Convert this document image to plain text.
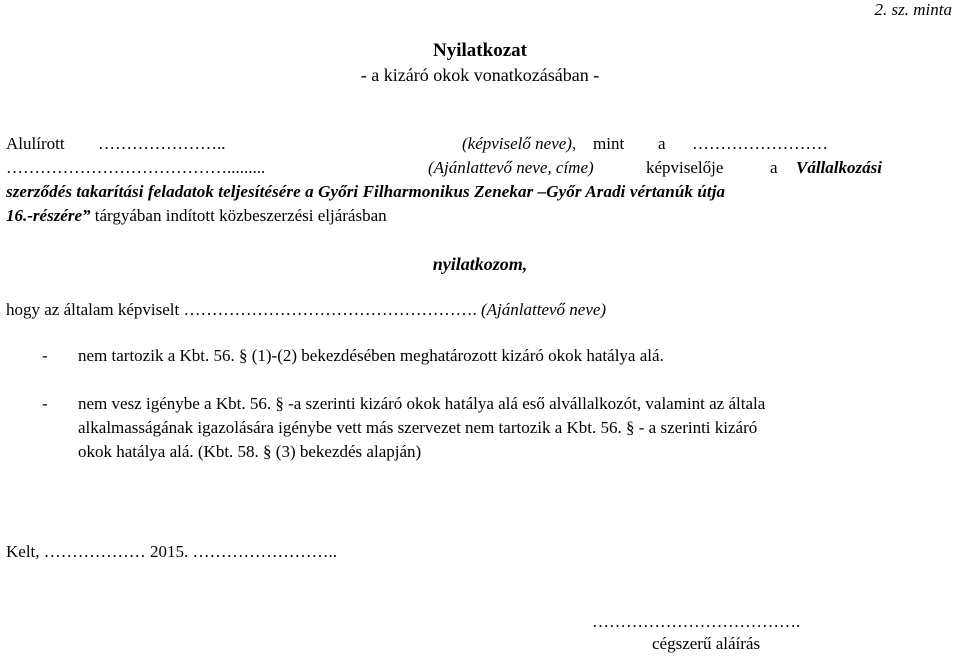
2. sz. minta
Nyilatkozat
- a kizáró okok vonatkozásában -
Alulírott …………………..	(képviselő neve), mint a ……………………
………………………………….........	(Ajánlattevő neve, címe)	képviselője	a Vállalkozási
szerződés takarítási feladatok teljesítésére a Győri Filharmonikus Zenekar –Győr Aradi vértanúk útja
16.-részére” tárgyában indított közbeszerzési eljárásban
nyilatkozom,
hogy az általam képviselt ……………………………………………. (Ajánlattevő neve)
- nem tartozik a Kbt. 56. § (1)-(2) bekezdésében meghatározott kizáró okok hatálya alá.
- nem vesz igénybe a Kbt. 56. § -a szerinti kizáró okok hatálya alá eső alvállalkozót, valamint az általa
alkalmasságának igazolására igénybe vett más szervezet nem tartozik a Kbt. 56. § - a szerinti kizáró
okok hatálya alá. (Kbt. 58. § (3) bekezdés alapján)
Kelt, ……………… 2015. ……………………..
……………………………….
cégszerű aláírás
